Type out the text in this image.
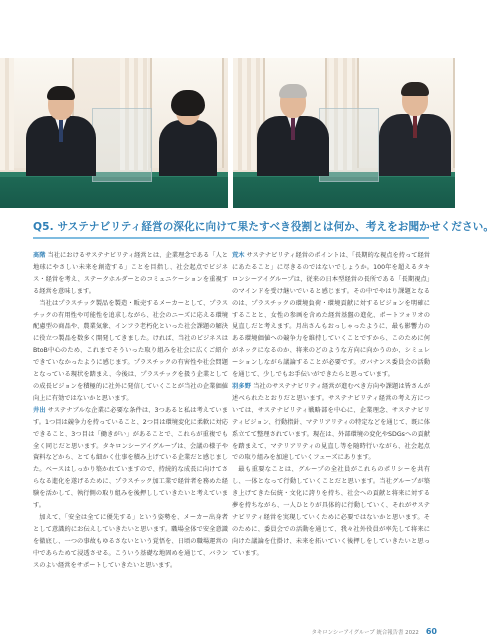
Q5. サステナビリティ経営の深化に向けて果たすべき役割とは何か、考えをお聞かせください。

髙階 当社におけるサステナビリティ経営とは、企業理念である「人と地球にやさしい未来を創造する」ことを目指し、社会起点でビジネス・経営を考え、ステークホルダーとのコミュニケーションを重視する経営を意味します。

当社はプラスチック製品を製造・販売するメーカーとして、プラスチックの有用性や可能性を追求しながら、社会のニーズに応える環境配慮型の商品や、農業気象、インフラ老朽化といった社会課題の解決に役立つ製品を数多く開発してきました。ければ、当社のビジネスはBtoB中心のため、これまでそういった取り組みを社会に広くご紹介できていなかったように感じます。プラスチックの有害性や社会問題となっている現状を踏まえ、今後は、プラスチックを扱う企業としての成長ビジョンを積極的に社外に発信していくことが当社の企業価値向上に有効ではないかと思います。

井出 サステナブルな企業に必要な条件は、3つあると私は考えています。1つ目は競争力を持っていること、2つ目は環境変化に柔軟に対応できること、3つ目は「働きがい」があることで、これらが重複でも全く同じだと思います。タキロンシーアイグループは、会議の様子や資料などから、とても細かく仕事を積み上げている企業だと感じました。ベースはしっかり築かれていますので、持続的な成長に向けてさらなる進化を遂げるために、プラスチック加工業で経営者を務めた経験を活かして、執行側の取り組みを後押ししていきたいと考えています。

加えて、「安全は全てに優先する」という姿勢を、メーカー出身者として意識的にお伝えしていきたいと思います。職場全体で安全意識を徹底し、一つの事故もゆるさないという覚悟を、日頃の職場運営の中であらためて浸透させる。こういう基礎な地固めを通じて、バランスのよい経営をサポートしていきたいと思います。

荒木 サステナビリティ経営のポイントは、「長期的な視点を持って経営にあたること」に尽きるのではないでしょうか。100年を超えるタキロンシーアイグループは、従来の日本型経営の長所である「長期視点」のマインドを受け継いでいると感じます。その中でやはり課題となるのは、プラスチックの環境負荷・環境貢献に対するビジョンを明確にすることと、女性の参画を含めた経営基盤の進化、ポートフォリオの見直しだと考えます。月出さんもおっしゃったように、最も影響力のある環境価値への競争力を維持していくことですから、このために何がネックになるのか、将来のどのような方向に向かうのか、シミュレーションしながら議論することが必要です。ガバナンス委員会の活動を通じて、少しでもお手伝いができたらと思っています。

羽多野 当社のサステナビリティ経営が進むべき方向や課題は皆さんが述べられたとおりだと思います。サステナビリティ経営の考え方については、サステナビリティ戦略部を中心に、企業理念、サステナビリティビジョン、行動指針、マテリアリティの特定などを通じて、既に体系立てて整理されています。現在は、外部環境の変化やSDGsへの貢献を踏まえて、マテリアリティの見直し等を随時行いながら、社会起点での取り組みを加速していくフェーズにあります。

最も重要なことは、グループの全社員がこれらのポリシーを共有し、一体となって行動していくことだと思います。当社グループが築き上げてきた伝統・文化に誇りを持ち、社会への貢献と将来に対する夢を持ちながら、一人ひとりが具体的に行動していく、それがサステナビリティ経営を実現していくために必要ではないかと思います。そのために、委員会での活動を通じて、我々社外役員が率先して将来に向けた議論を仕掛け、未来を拓いていく後押しをしていきたいと思っています。

タキロンシーアイグループ 統合報告書 2022 60
